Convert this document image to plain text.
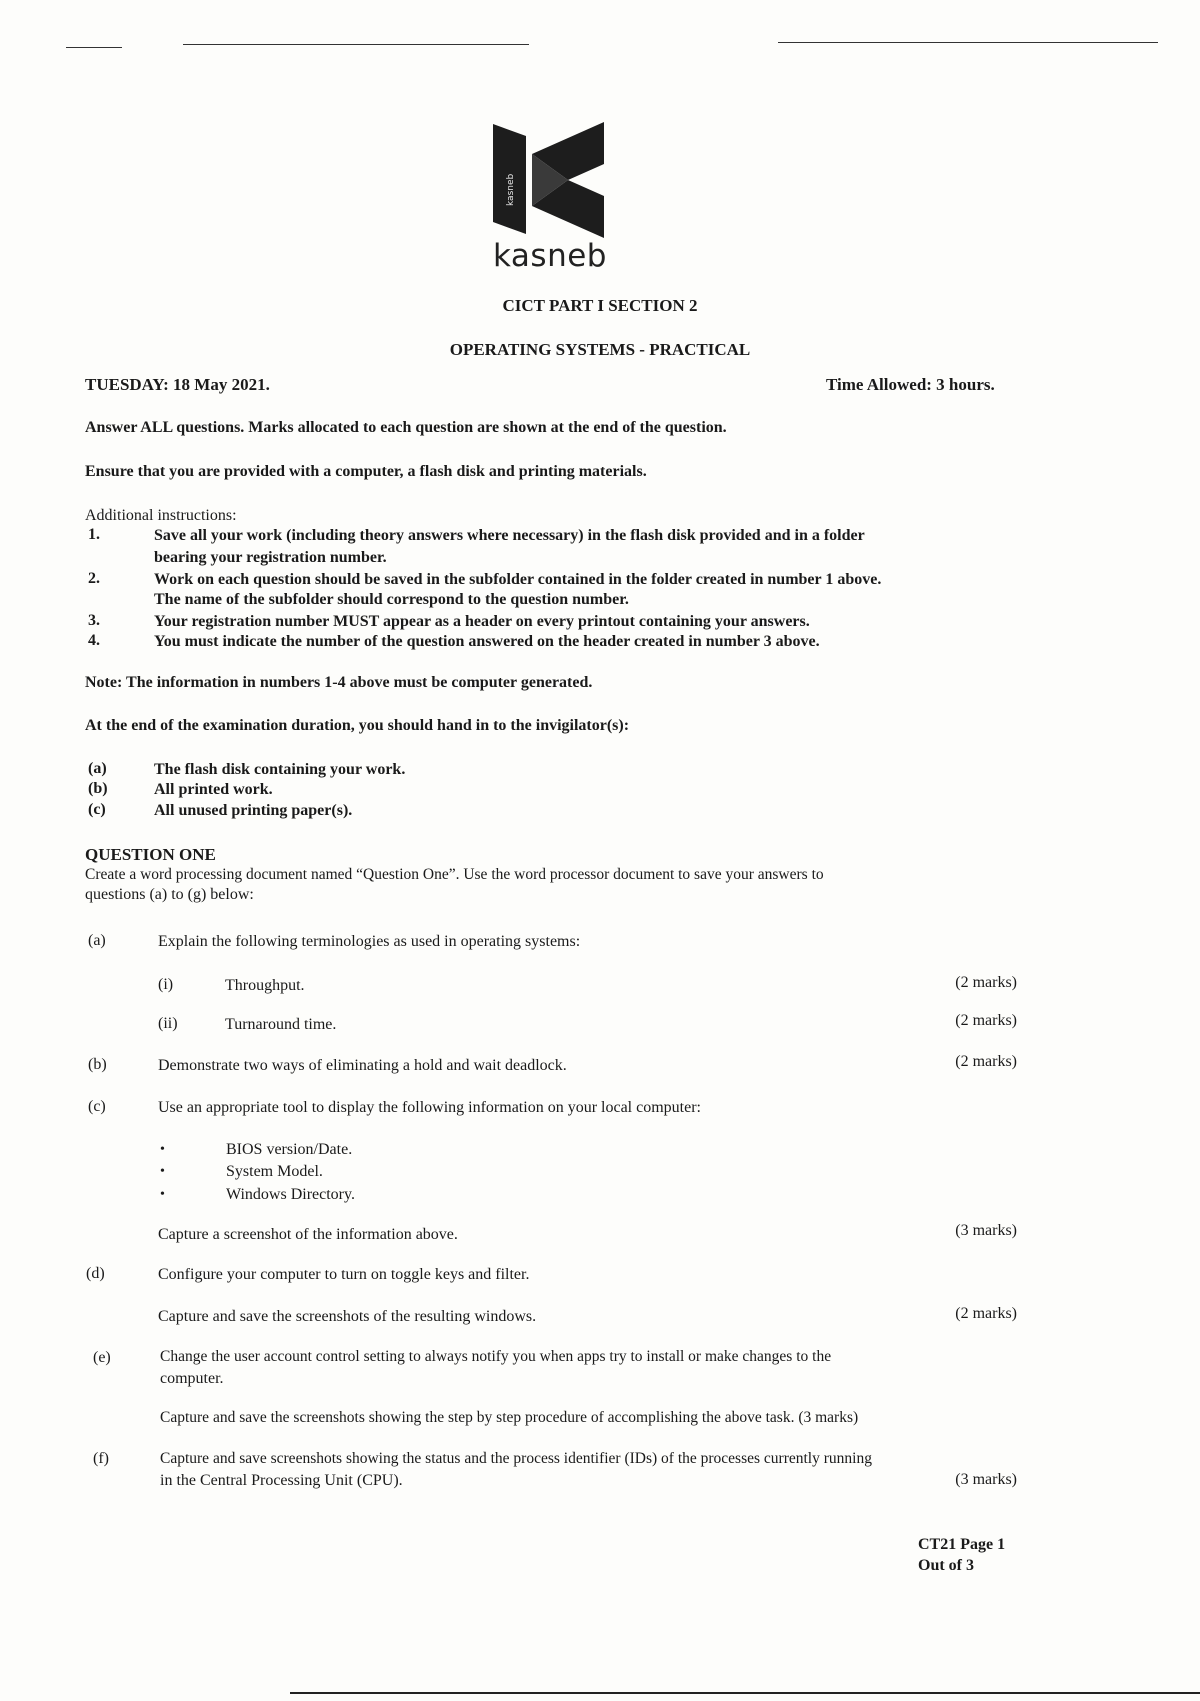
kasneb
kasneb
CICT PART I SECTION 2
OPERATING SYSTEMS - PRACTICAL
TUESDAY: 18 May 2021.	Time Allowed: 3 hours.
Answer ALL questions. Marks allocated to each question are shown at the end of the question.
Ensure that you are provided with a computer, a flash disk and printing materials.
Additional instructions:
1.	Save all your work (including theory answers where necessary) in the flash disk provided and in a folder
bearing your registration number.
2.	Work on each question should be saved in the subfolder contained in the folder created in number 1 above.
The name of the subfolder should correspond to the question number.
3.	Your registration number MUST appear as a header on every printout containing your answers.
4.	You must indicate the number of the question answered on the header created in number 3 above.
Note: The information in numbers 1-4 above must be computer generated.
At the end of the examination duration, you should hand in to the invigilator(s):
(a)	The flash disk containing your work.
(b)	All printed work.
(c)	All unused printing paper(s).
QUESTION ONE
Create a word processing document named “Question One”. Use the word processor document to save your answers to
questions (a) to (g) below:
(a)	Explain the following terminologies as used in operating systems:
(i)	Throughput.	(2 marks)
(ii)	Turnaround time.	(2 marks)
(b)	Demonstrate two ways of eliminating a hold and wait deadlock.	(2 marks)
(c)	Use an appropriate tool to display the following information on your local computer:
•	BIOS version/Date.
•	System Model.
•	Windows Directory.
Capture a screenshot of the information above.	(3 marks)
(d)	Configure your computer to turn on toggle keys and filter.
Capture and save the screenshots of the resulting windows.	(2 marks)
(e)	Change the user account control setting to always notify you when apps try to install or make changes to the
computer.
Capture and save the screenshots showing the step by step procedure of accomplishing the above task. (3 marks)
(f)	Capture and save screenshots showing the status and the process identifier (IDs) of the processes currently running
in the Central Processing Unit (CPU).	(3 marks)
CT21 Page 1
Out of 3
